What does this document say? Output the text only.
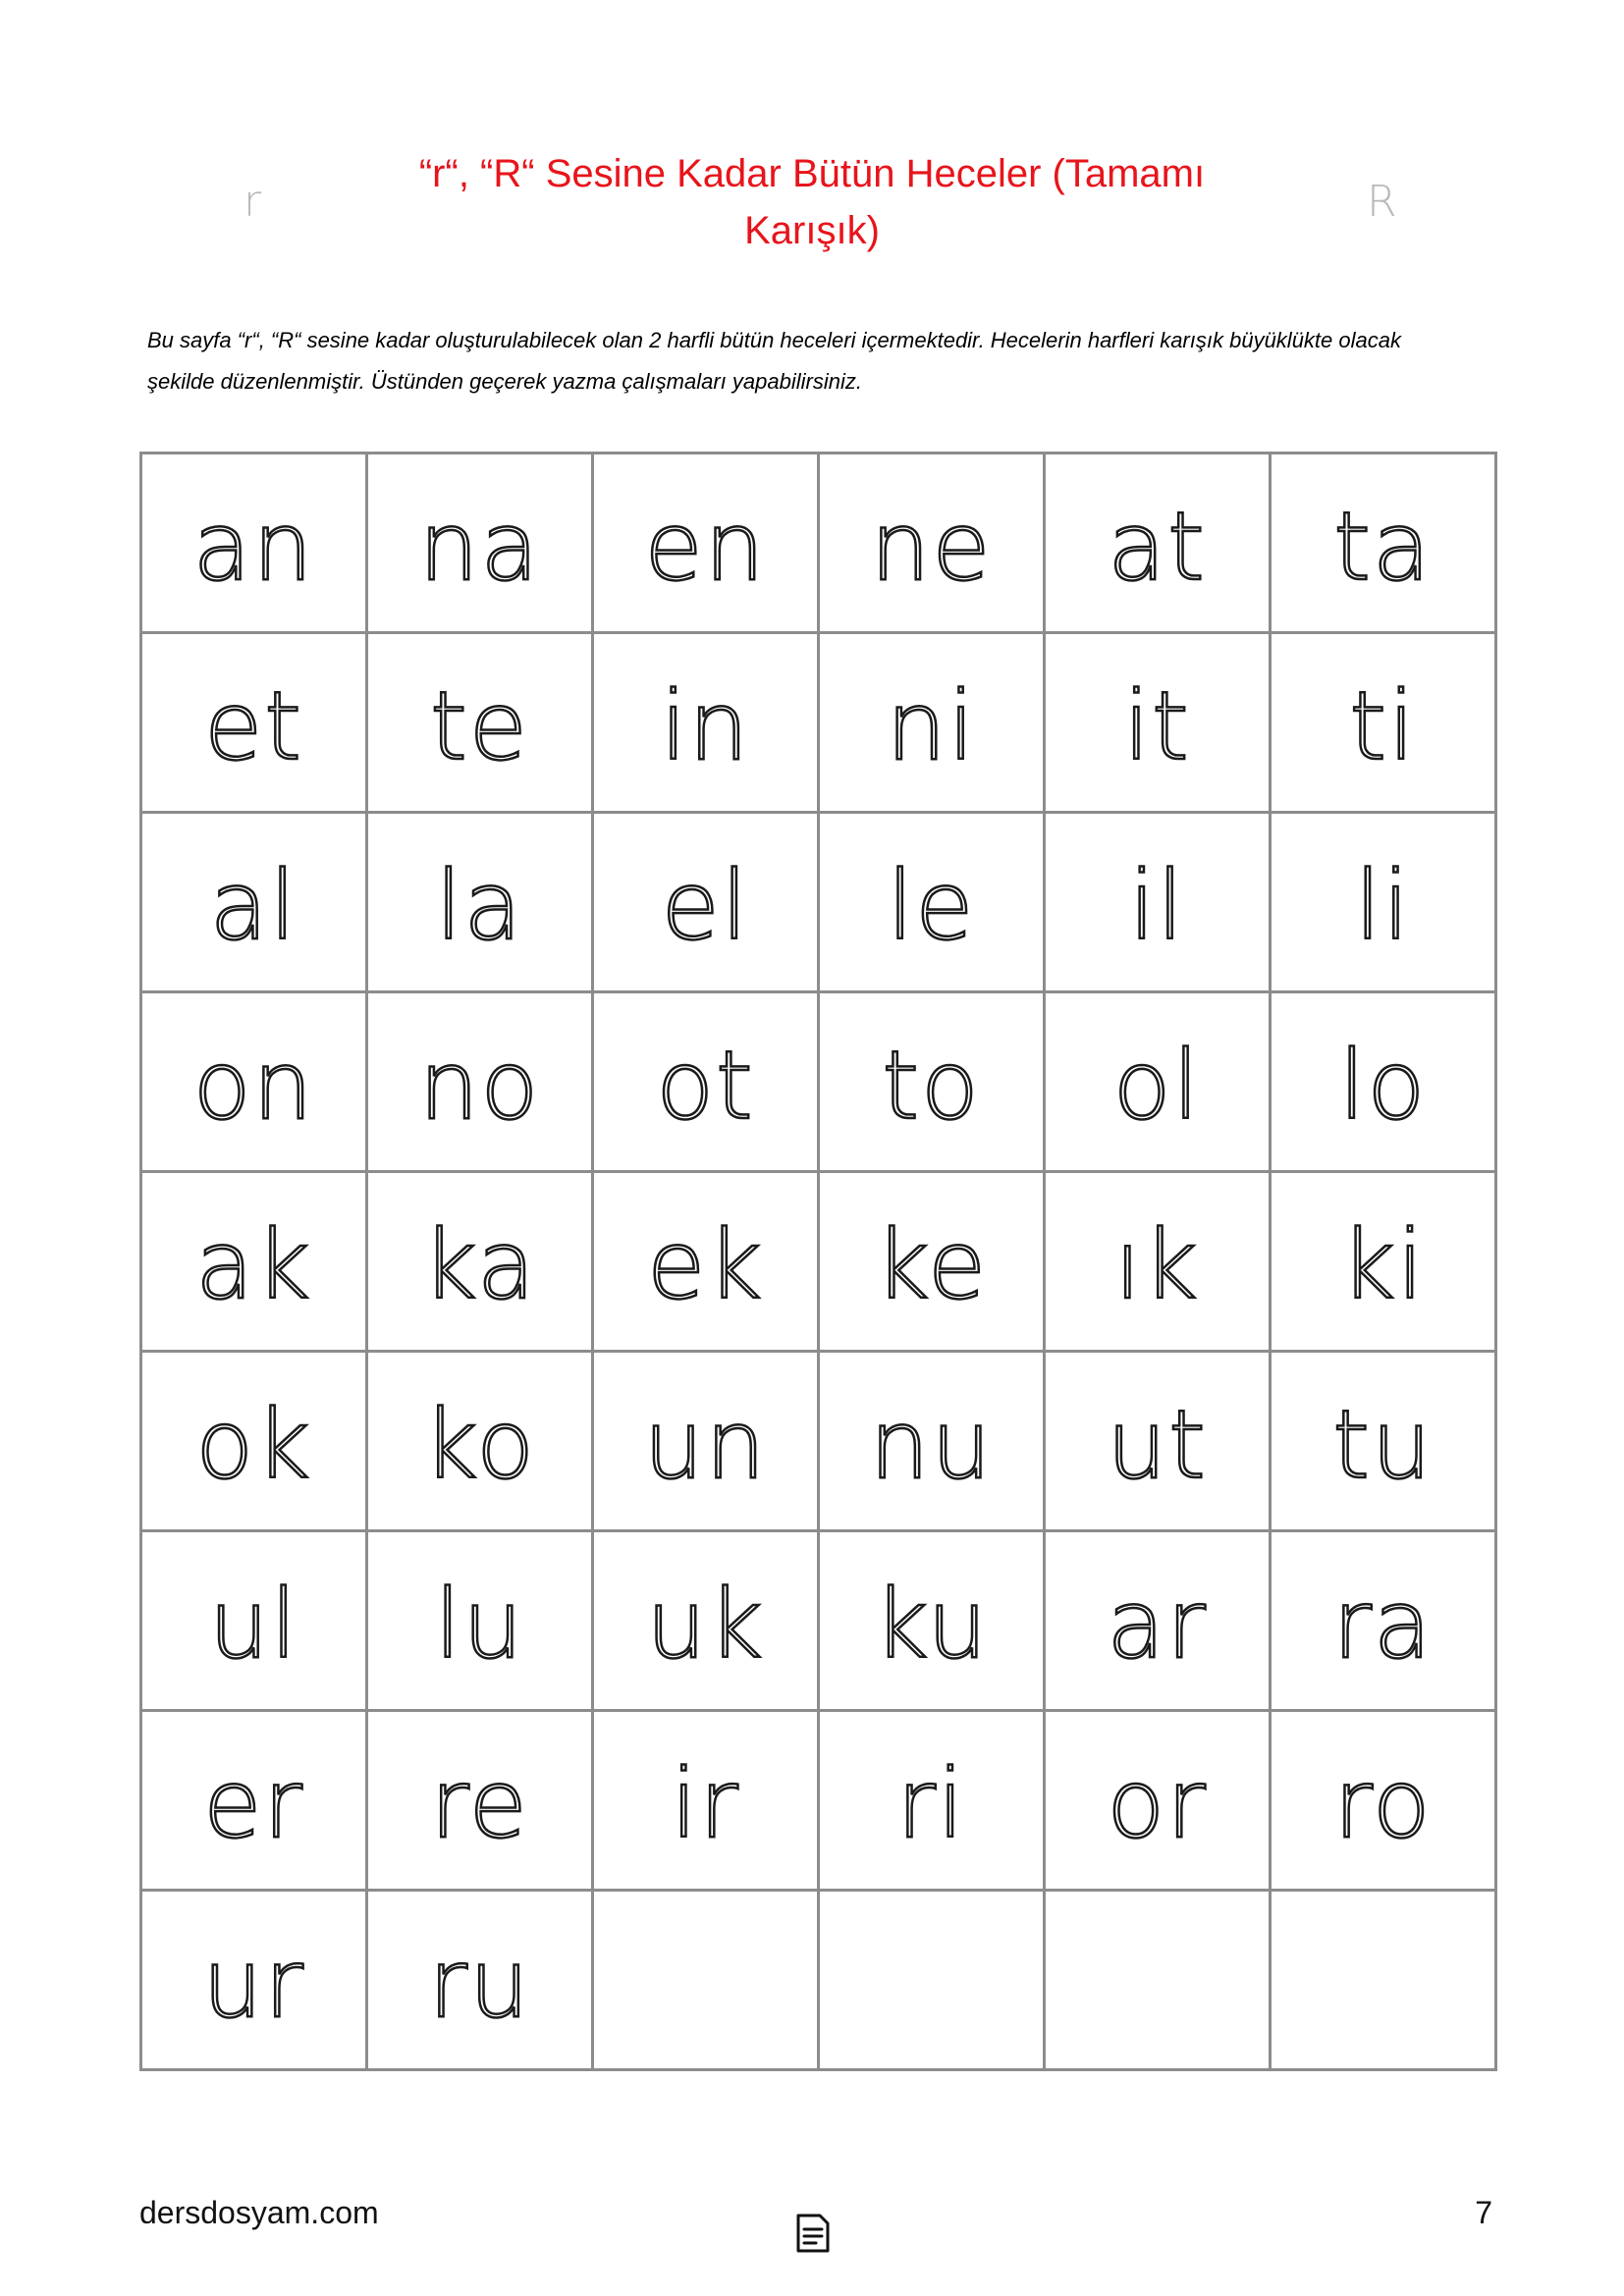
r	R
“r“, “R“ Sesine Kadar Bütün Heceler (Tamamı
Karışık)
Bu sayfa “r“, “R“ sesine kadar oluşturulabilecek olan 2 harfli bütün heceleri içermektedir. Hecelerin harfleri karışık büyüklükte olacak şekilde düzenlenmiştir. Üstünden geçerek yazma çalışmaları yapabilirsiniz.
an	na	en	ne	at	ta
et	te	in	ni	it	ti
al	la	el	le	il	li
on	no	ot	to	ol	lo
ak	ka	ek	ke	ık	ki
ok	ko	un	nu	ut	tu
ul	lu	uk	ku	ar	ra
er	re	ir	ri	or	ro
ur	ru				
dersdosyam.com	7
